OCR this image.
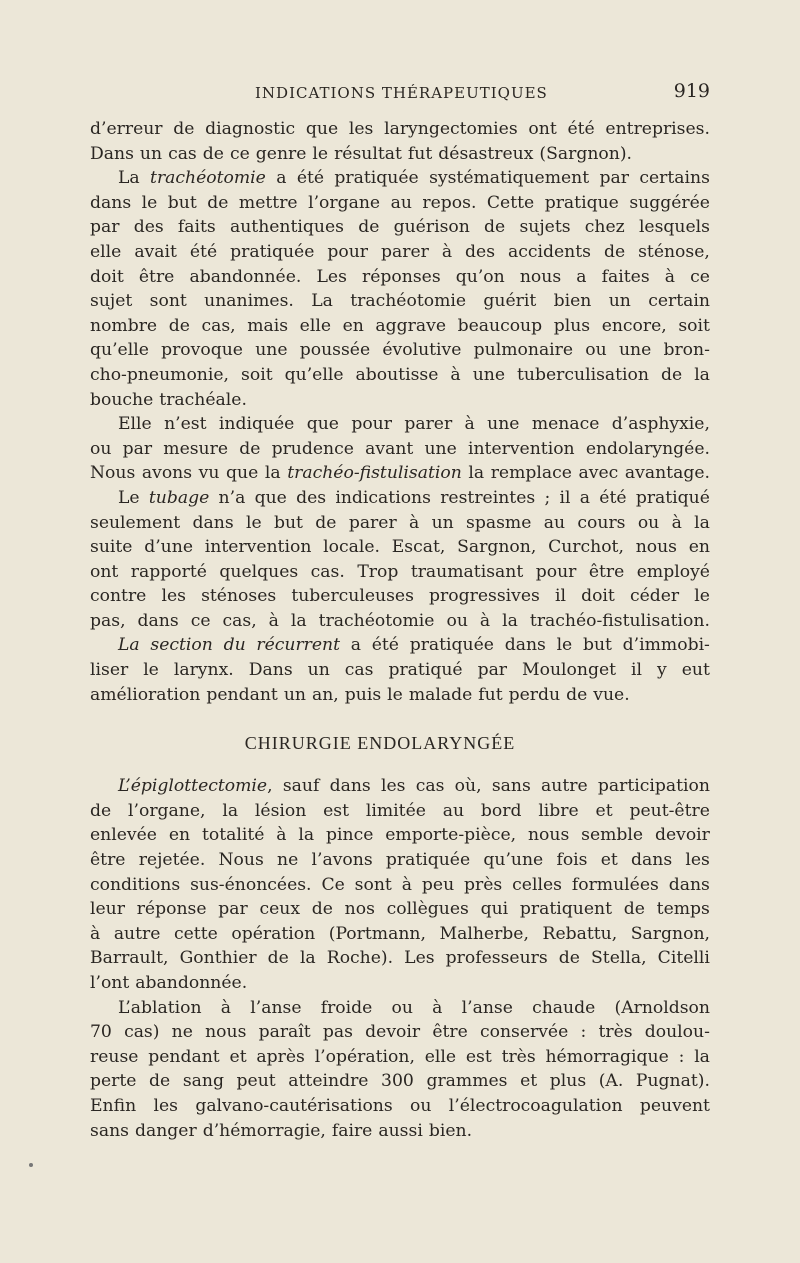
INDICATIONS THÉRAPEUTIQUES	919
d’erreur de diagnostic que les laryngectomies ont été entreprises.
Dans un cas de ce genre le résultat fut désastreux (Sargnon).
La trachéotomie a été pratiquée systématiquement par certains
dans le but de mettre l’organe au repos. Cette pratique suggérée
par des faits authentiques de guérison de sujets chez lesquels
elle avait été pratiquée pour parer à des accidents de sténose,
doit être abandonnée. Les réponses qu’on nous a faites à ce
sujet sont unanimes. La trachéotomie guérit bien un certain
nombre de cas, mais elle en aggrave beaucoup plus encore, soit
qu’elle provoque une poussée évolutive pulmonaire ou une bron-
cho-pneumonie, soit qu’elle aboutisse à une tuberculisation de la
bouche trachéale.
Elle n’est indiquée que pour parer à une menace d’asphyxie,
ou par mesure de prudence avant une intervention endolaryngée.
Nous avons vu que la trachéo-fistulisation la remplace avec avantage.
Le tubage n’a que des indications restreintes ; il a été pratiqué
seulement dans le but de parer à un spasme au cours ou à la
suite d’une intervention locale. Escat, Sargnon, Curchot, nous en
ont rapporté quelques cas. Trop traumatisant pour être employé
contre les sténoses tuberculeuses progressives il doit céder le
pas, dans ce cas, à la trachéotomie ou à la trachéo-fistulisation.
La section du récurrent a été pratiquée dans le but d’immobi-
liser le larynx. Dans un cas pratiqué par Moulonget il y eut
amélioration pendant un an, puis le malade fut perdu de vue.
CHIRURGIE ENDOLARYNGÉE
L’épiglottectomie, sauf dans les cas où, sans autre participation
de l’organe, la lésion est limitée au bord libre et peut-être
enlevée en totalité à la pince emporte-pièce, nous semble devoir
être rejetée. Nous ne l’avons pratiquée qu’une fois et dans les
conditions sus-énoncées. Ce sont à peu près celles formulées dans
leur réponse par ceux de nos collègues qui pratiquent de temps
à autre cette opération (Portmann, Malherbe, Rebattu, Sargnon,
Barrault, Gonthier de la Roche). Les professeurs de Stella, Citelli
l’ont abandonnée.
L’ablation à l’anse froide ou à l’anse chaude (Arnoldson
70 cas) ne nous paraît pas devoir être conservée : très doulou-
reuse pendant et après l’opération, elle est très hémorragique : la
perte de sang peut atteindre 300 grammes et plus (A. Pugnat).
Enfin les galvano-cautérisations ou l’électrocoagulation peuvent
sans danger d’hémorragie, faire aussi bien.
